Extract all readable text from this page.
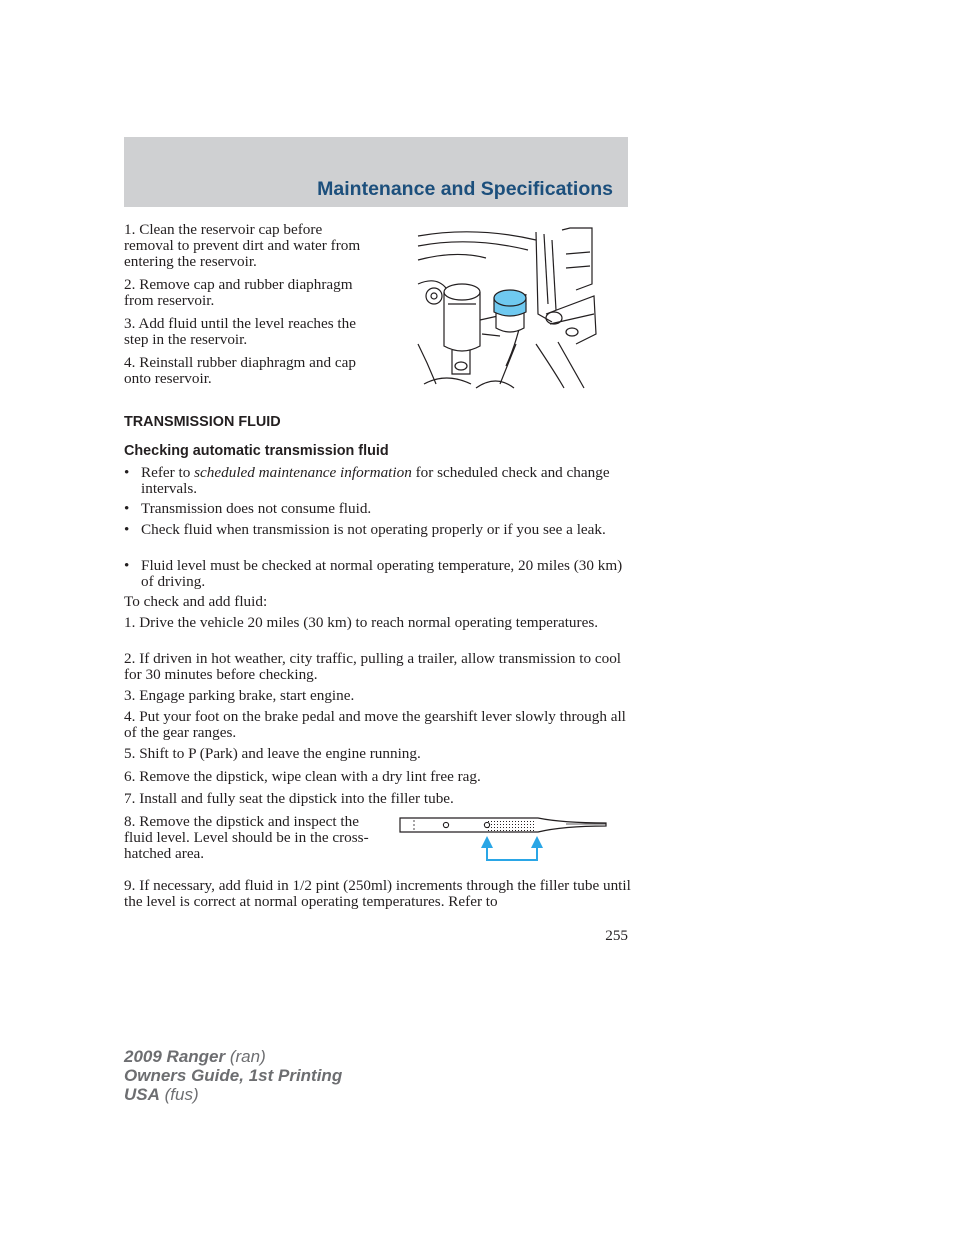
Maintenance and Specifications

1. Clean the reservoir cap before removal to prevent dirt and water from entering the reservoir.

2. Remove cap and rubber diaphragm from reservoir.

3. Add fluid until the level reaches the step in the reservoir.

4. Reinstall rubber diaphragm and cap onto reservoir.

TRANSMISSION FLUID
Checking automatic transmission fluid
• Refer to scheduled maintenance information for scheduled check and change intervals.
• Transmission does not consume fluid.
• Check fluid when transmission is not operating properly or if you see a leak.
• Fluid level must be checked at normal operating temperature, 20 miles (30 km) of driving.

To check and add fluid:

1. Drive the vehicle 20 miles (30 km) to reach normal operating temperatures.

2. If driven in hot weather, city traffic, pulling a trailer, allow transmission to cool for 30 minutes before checking.

3. Engage parking brake, start engine.

4. Put your foot on the brake pedal and move the gearshift lever slowly through all of the gear ranges.

5. Shift to P (Park) and leave the engine running.

6. Remove the dipstick, wipe clean with a dry lint free rag.

7. Install and fully seat the dipstick into the filler tube.

8. Remove the dipstick and inspect the fluid level. Level should be in the cross-hatched area.

9. If necessary, add fluid in 1/2 pint (250ml) increments through the filler tube until the level is correct at normal operating temperatures. Refer to

255
2009 Ranger (ran)
Owners Guide, 1st Printing
USA (fus)
